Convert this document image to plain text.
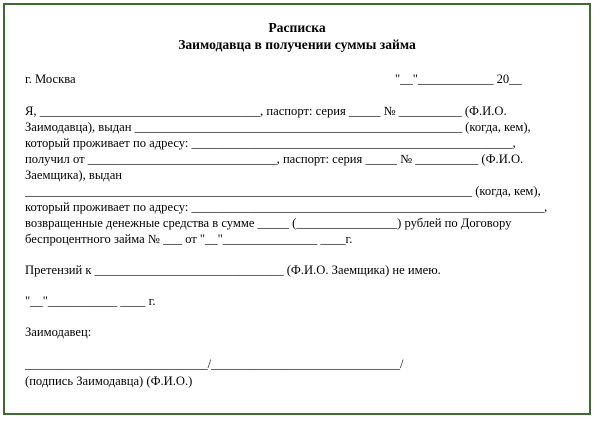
Расписка
Заимодавца в получении суммы займа
г. Москва	"__"____________ 20__
Я, ___________________________________, паспорт: серия _____ № __________ (Ф.И.О.
Заимодавца), выдан ____________________________________________________ (когда, кем),
который проживает по адресу: ___________________________________________________,
получил от ______________________________, паспорт: серия _____ № __________ (Ф.И.О.
Заемщика), выдан
_______________________________________________________________________ (когда, кем),
который проживает по адресу: ________________________________________________________,
возвращенные денежные средства в сумме _____ (________________) рублей по Договору
беспроцентного займа № ___ от "__"_______________ ____г.
Претензий к ______________________________ (Ф.И.О. Заемщика) не имею.
"__"___________ ____ г.
Заимодавец:
_____________________________/______________________________/
(подпись Заимодавца) (Ф.И.О.)
